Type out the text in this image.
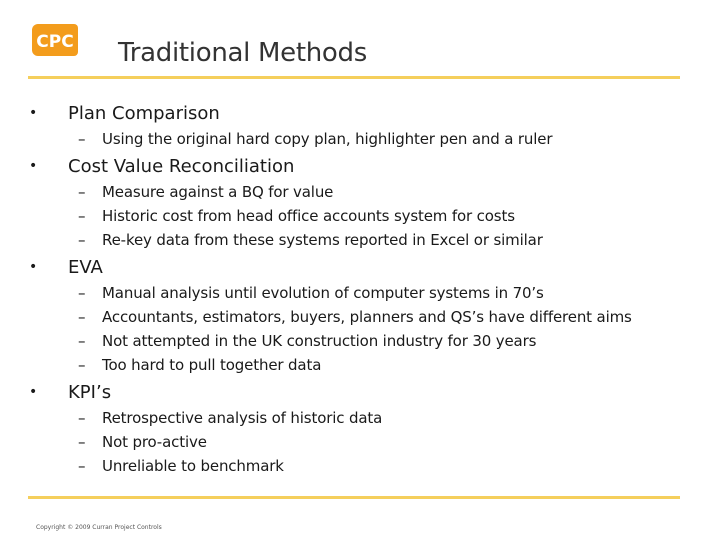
CPC Traditional Methods
• Plan Comparison
– Using the original hard copy plan, highlighter pen and a ruler
• Cost Value Reconciliation
– Measure against a BQ for value
– Historic cost from head office accounts system for costs
– Re-key data from these systems reported in Excel or similar
• EVA
– Manual analysis until evolution of computer systems in 70’s
– Accountants, estimators, buyers, planners and QS’s have different aims
– Not attempted in the UK construction industry for 30 years
– Too hard to pull together data
• KPI’s
– Retrospective analysis of historic data
– Not pro-active
– Unreliable to benchmark
Copyright © 2009 Curran Project Controls
